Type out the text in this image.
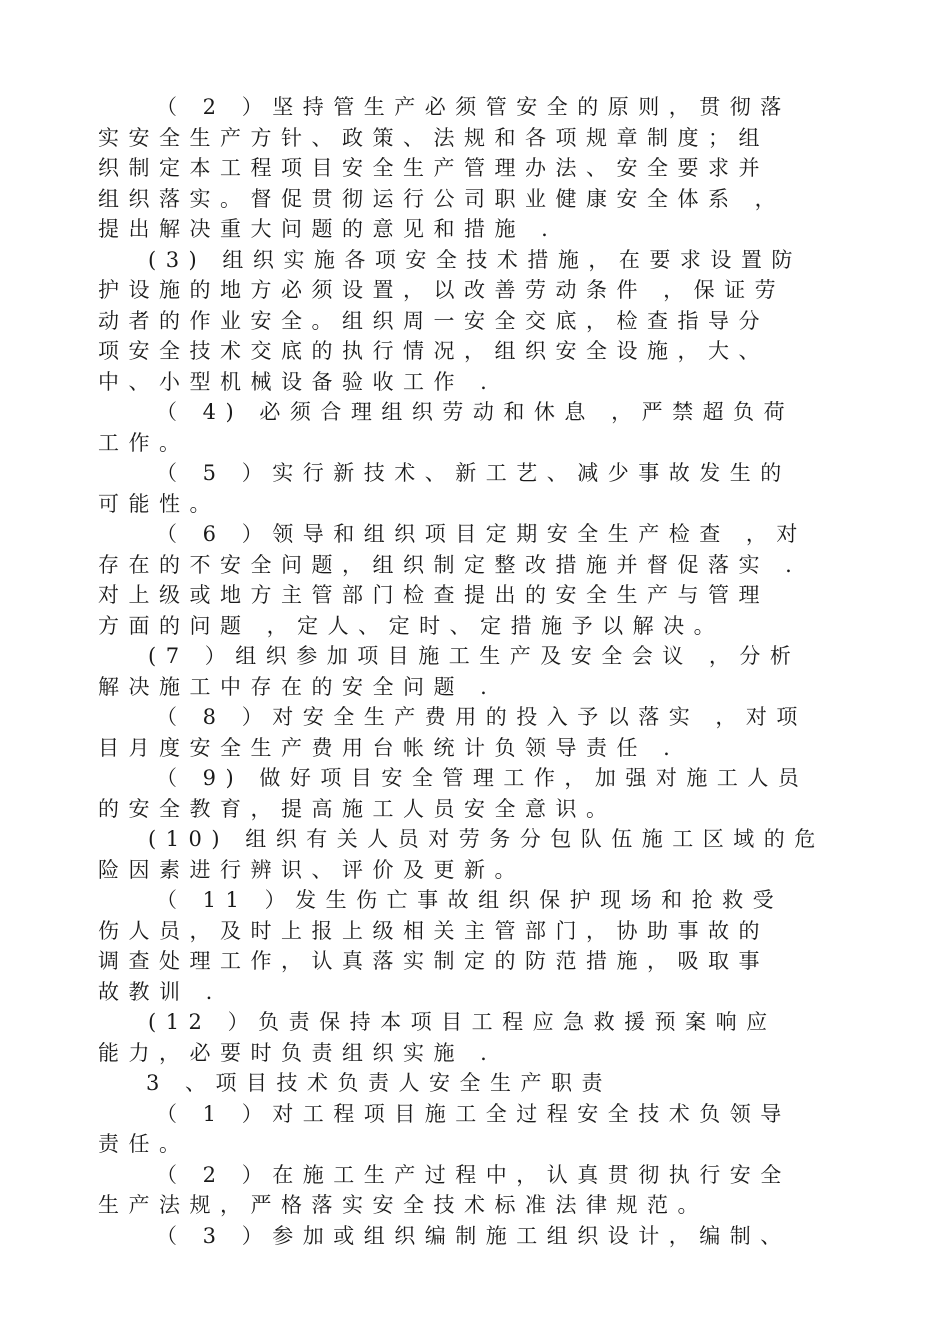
（ 2 ）坚持管生产必须管安全的原则，贯彻落
实安全生产方针、政策、法规和各项规章制度；组
织制定本工程项目安全生产管理办法、安全要求并
组织落实。督促贯彻运行公司职业健康安全体系 ，
提出解决重大问题的意见和措施 .
(3) 组织实施各项安全技术措施，在要求设置防
护设施的地方必须设置，以改善劳动条件 ，保证劳
动者的作业安全。组织周一安全交底，检查指导分
项安全技术交底的执行情况，组织安全设施，大、
中、小型机械设备验收工作 .
（ 4) 必须合理组织劳动和休息 ，严禁超负荷
工作。
（ 5 ）实行新技术、新工艺、减少事故发生的
可能性。
（ 6 ）领导和组织项目定期安全生产检查 ，对
存在的不安全问题，组织制定整改措施并督促落实 .
对上级或地方主管部门检查提出的安全生产与管理
方面的问题 ，定人、定时、定措施予以解决。
(7 ）组织参加项目施工生产及安全会议 ，分析
解决施工中存在的安全问题 .
（ 8 ）对安全生产费用的投入予以落实 ，对项
目月度安全生产费用台帐统计负领导责任 .
（ 9) 做好项目安全管理工作，加强对施工人员
的安全教育，提高施工人员安全意识。
(10) 组织有关人员对劳务分包队伍施工区域的危
险因素进行辨识、评价及更新。
（ 11 ）发生伤亡事故组织保护现场和抢救受
伤人员，及时上报上级相关主管部门，协助事故的
调查处理工作，认真落实制定的防范措施，吸取事
故教训 .
(12 ）负责保持本项目工程应急救援预案响应
能力，必要时负责组织实施 .
3 、项目技术负责人安全生产职责
（ 1 ）对工程项目施工全过程安全技术负领导
责任。
（ 2 ）在施工生产过程中，认真贯彻执行安全
生产法规，严格落实安全技术标准法律规范。
（ 3 ）参加或组织编制施工组织设计，编制、
